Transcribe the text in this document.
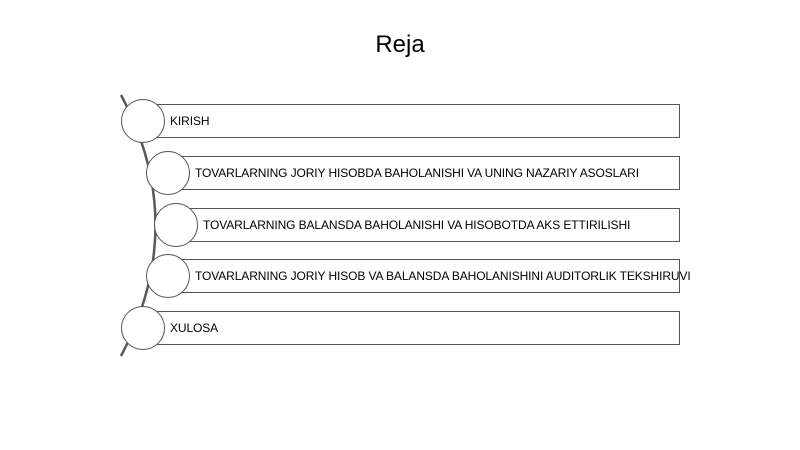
Reja
KIRISH
TOVARLARNING JORIY HISOBDA BAHOLANISHI VA UNING NAZARIY ASOSLARI
TOVARLARNING BALANSDA BAHOLANISHI VA HISOBOTDA AKS ETTIRILISHI
TOVARLARNING JORIY HISOB VA BALANSDA BAHOLANISHINI AUDITORLIK TEKSHIRUVI
XULOSA
